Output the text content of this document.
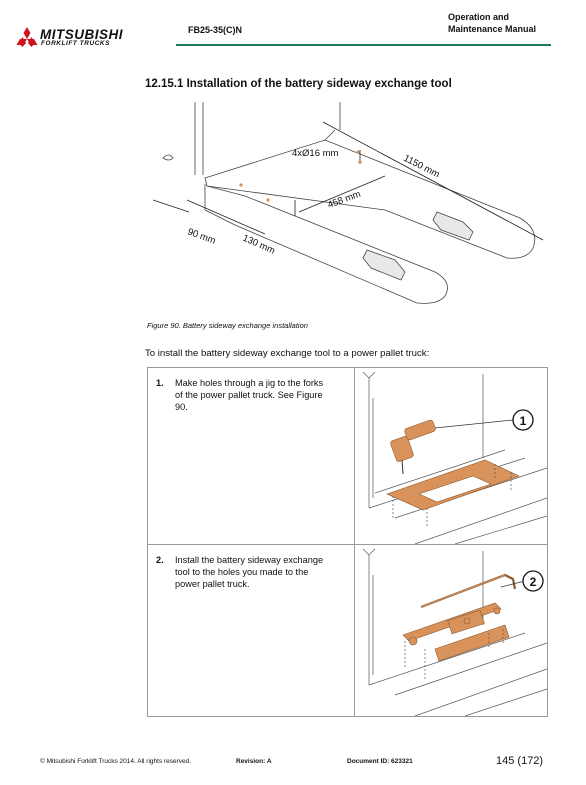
MITSUBISHI
FORKLIFT TRUCKS
FB25-35(C)N
Operation and
Maintenance Manual
12.15.1 Installation of the battery sideway exchange tool
4xØ16 mm	1150 mm
458 mm
90 mm 130 mm
Figure 90. Battery sideway exchange installation
To install the battery sideway exchange tool to a power pallet truck:
1. Make holes through a jig to the forks
of the power pallet truck. See Figure
90.	1

2. Install the battery sideway exchange
tool to the holes you made to the
power pallet truck.	2
© Mitsubishi Forklift Trucks 2014. All rights reserved.	Revision: A	Document ID: 623321	145 (172)
